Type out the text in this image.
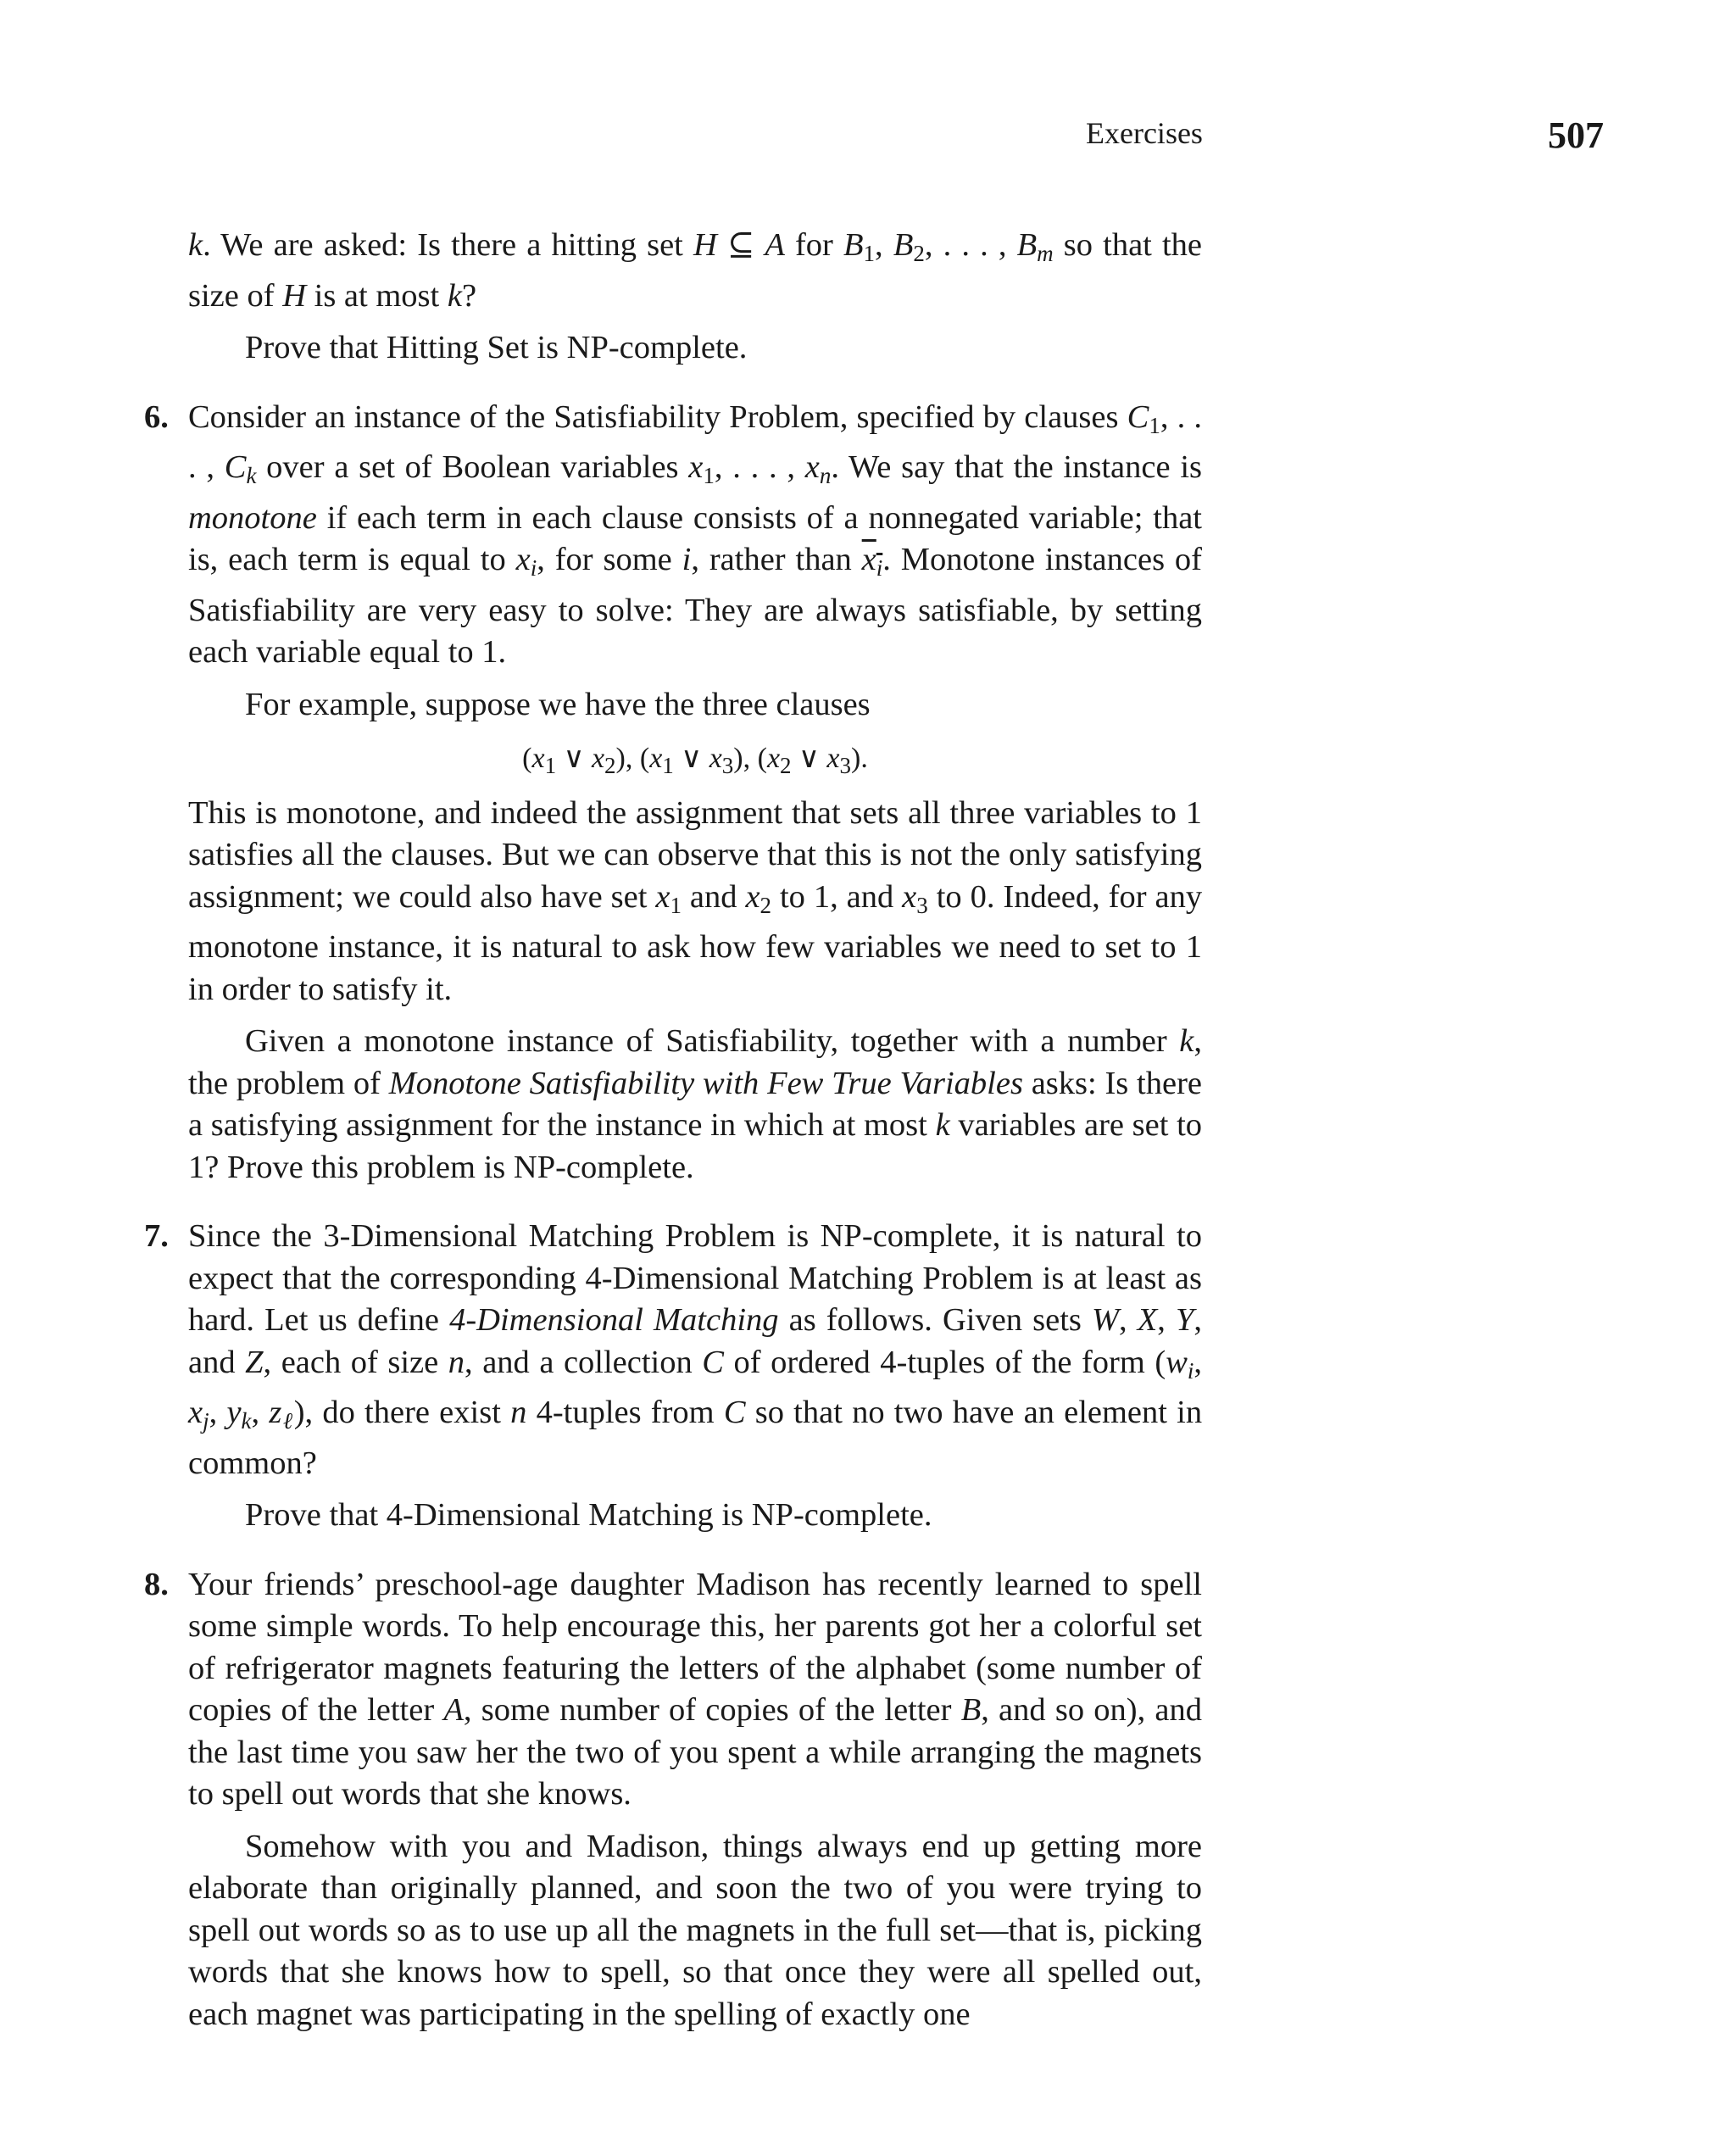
Exercises	507

k. We are asked: Is there a hitting set H ⊆ A for B1, B2, . . . , $B_m$ so that the size of H is at most k?

Prove that Hitting Set is NP-complete.

6. Consider an instance of the Satisfiability Problem, specified by clauses C1, . . . , $C_k$ over a set of Boolean variables x1, . . . , $x_n$. We say that the instance is monotone if each term in each clause consists of a nonnegated variable; that is, each term is equal to $x_i$, for some i, rather than $x_i$. Monotone instances of Satisfiability are very easy to solve: They are always satisfiable, by setting each variable equal to 1.

For example, suppose we have the three clauses

($x_1$ ∨ $x_2$), ($x_1$ ∨ $x_3$), ($x_2$ ∨ $x_3$).

This is monotone, and indeed the assignment that sets all three variables to 1 satisfies all the clauses. But we can observe that this is not the only satisfying assignment; we could also have set x1 and x2 to 1, and x3 to 0. Indeed, for any monotone instance, it is natural to ask how few variables we need to set to 1 in order to satisfy it.

Given a monotone instance of Satisfiability, together with a number k, the problem of Monotone Satisfiability with Few True Variables asks: Is there a satisfying assignment for the instance in which at most k variables are set to 1? Prove this problem is NP-complete.

7. Since the 3-Dimensional Matching Problem is NP-complete, it is natural to expect that the corresponding 4-Dimensional Matching Problem is at least as hard. Let us define 4-Dimensional Matching as follows. Given sets W, X, Y, and Z, each of size n, and a collection C of ordered 4-tuples of the form ($w_i$, $x_j$, $y_k$, $z_\ell$), do there exist n 4-tuples from C so that no two have an element in common?

Prove that 4-Dimensional Matching is NP-complete.

8. Your friends’ preschool-age daughter Madison has recently learned to spell some simple words. To help encourage this, her parents got her a colorful set of refrigerator magnets featuring the letters of the alphabet (some number of copies of the letter A, some number of copies of the letter B, and so on), and the last time you saw her the two of you spent a while arranging the magnets to spell out words that she knows.

Somehow with you and Madison, things always end up getting more elaborate than originally planned, and soon the two of you were trying to spell out words so as to use up all the magnets in the full set—that is, picking words that she knows how to spell, so that once they were all spelled out, each magnet was participating in the spelling of exactly one
